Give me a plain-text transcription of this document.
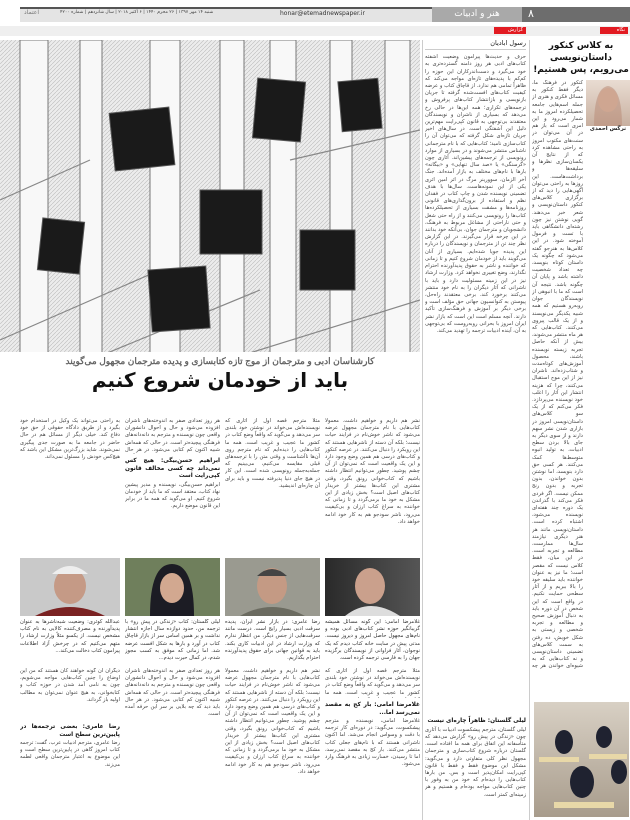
اعتماد	شنبه ۱۴ مهر ۱۳۹۷ | ۲۶ محرم ۱۴۴۰ | ۶ اکتبر ۲۰۱۸ | سال شانزدهم | شماره ۴۲۰۰	honar@etemadnewspaper.ir	هنر و ادبیات	۸
نگاه
گزارش
رسول آبادیان
حرف و حدیث‌ها پیرامون وضعیت آشفته کتاب‌های ادبی هر روز دامنه گسترده‌تری به خود می‌گیرد و دست‌اندرکاران این حوزه را کم‌کم با پدیده‌های تازه‌ای مواجه می‌کند که ظاهراً تمامی هم ندارد. از قاچاق کتاب و عرضه کیفیت کتاب‌های افست‌شده گرفته تا جریان بازنویسی و بازانتشار کتاب‌های پرفروش و ترجمه‌های تکراری؛ همه این‌ها در حالی رخ می‌دهد که بسیاری از ناشران و نویسندگان معتقدند بی‌توجهی به قانون کپی‌رایت مهم‌ترین دلیل این آشفتگی است. در سال‌های اخیر جریان تازه‌ای شکل گرفته که می‌توان آن را کتاب‌سازی نامید؛ کتاب‌هایی که با نام مترجمانی ناشناس منتشر می‌شوند و در بسیاری از موارد رونویسی از ترجمه‌های پیشین‌اند. آثاری چون «گرسنگی» یا «صد سال تنهایی» و «بیگانه» بارها با نام‌های مختلف به بازار آمده‌اند. جنگ آخر الزمان، سوورینر مرگ در اثر امین اثری یکی از این نمونه‌هاست. سال‌ها با هدف تضمینی نویسنده شدن و چاپ کتاب در فقدان نظم و استفاده از برون‌گذاری‌های قانونی روزنامه‌ها و مشقت بسیاری از تحصیلکرده‌ها کتاب‌ها را رونویسی می‌کنند و از راه حتی شغل و حتی ناراحتی از مشاغل مربوط به فرهنگ، دانشجویان و مترجمان جوان، بی‌آنکه خود بدانند در این چرخه قرار می‌گیرند. در این گزارش نظر چند تن از مترجمان و نویسندگان را درباره این پدیده جویا شده‌ایم. بسیاری از آنان می‌گویند باید از خودمان شروع کنیم و تا زمانی که خواننده و ناشر به حقوق پدیدآورنده احترام نگذارند، وضع تغییری نخواهد کرد. وزارت ارشاد نیز در این زمینه مسئولیت دارد و باید با ناشرانی که آثار دیگران را به نام خود منتشر می‌کنند برخورد کند. برخی معتقدند راه‌حل، پیوستن به کنوانسیون جهانی حق مؤلف است و برخی دیگر بر آموزش و فرهنگ‌سازی تأکید دارند. آنچه مسلم است این است که بازار نشر ایران امروز با بحرانی روبه‌روست که بی‌توجهی به آن، آینده ادبیات ترجمه را تهدید می‌کند.
لیلی گلستان: ظاهراً چاره‌ای نیست
لیلی گلستان، مترجم پیشکسوت ادبیات با آثاری چون «زندگی در پیش رو» گزارش می‌دهد که متأسفانه این اتفاق برای همه ما افتاده است. گلستان درباره شروع کتاب‌سازی و مترجمان مجهول نظر کلی متفاوتی دارد و می‌گوید: مشکل این موضوع فقط و فقط با قانون کپی‌رایت امکان‌پذیر است و بس. من بارها کتاب‌هایی را دیده‌ام که خود من به وفور با چنین کتاب‌هایی مواجه بوده‌ام و هستیم و هر زمینه‌ای کمتر است.
به کلاس کنکور داستان‌نویسی می‌رویم، پس هستیم!
نرگس احمدی
کنکور در فرهنگ ما، دیگر فقط کنکور به مسائل فکری و هنری از جمله اسم‌هایی جامعه تحصیلکرده امروز ما به شمار می‌رود و این امری است که باز هم در آن می‌توان در سنت‌های مکتوب امروز به راحتی مشاهده کرد که از نتایج آن یکسان‌سازی نظرها و سلیقه‌ها و برداشت‌هاست. این روزها به راحتی می‌توان آگهی‌هایی را دید که از برگزاری کلاس‌های کنکور داستان‌نویسی و شعر خبر می‌دهند. گویی نوشتن نیز چون رشته‌ای دانشگاهی باید با تست و فرمول آموخته شود. در این کلاس‌ها به هنرجو گفته می‌شود که چگونه یک داستان کوتاه بنویسد، چه تعداد شخصیت داشته باشد و پایان آن چگونه باشد. نتیجه آن است که ما با انبوهی از نویسندگان جوان روبه‌رو هستیم که همه شبیه یکدیگر می‌نویسند و از یک قالب پیروی می‌کنند. کتاب‌هایی که هر ماه منتشر می‌شوند، بیش از آنکه حاصل تجربه زیسته نویسنده باشند، محصول آموزش‌های کوتاه‌مدت و شتاب‌زده‌اند. ناشران نیز از این موج استقبال می‌کنند، چرا که هزینه انتشار این آثار را اغلب خود نویسنده می‌پردازد. فکر می‌کنم که از یک سو کلاس‌های داستان‌نویسی امروز در بازاری شدن نشر سهم دارند و از سوی دیگر به جای بالا بردن سطح ادبیات، به تولید انبوه متوسط‌ها کمک می‌کنند. هر کسی حق دارد بنویسد، اما نوشتن بدون خواندن، بدون تجربه و بدون رنج ممکن نیست. اگر فردی فکر می‌کند با گذراندن یک دوره چند هفته‌ای نویسنده می‌شود، اشتباه کرده است. داستان‌نویسی مانند هر هنر دیگری نیازمند سال‌ها ممارست، مطالعه و تجربه است. در این میان، فقط کلاس نیست که مقصر است؛ ما نیز به عنوان خواننده باید سلیقه خود را بالا ببریم و از آثار سطحی حمایت نکنیم. در واقع است که این شخص در آن دوره باید به دنبال آموزش صحیح و مطالعه و تجربه شخصی و زیستی به شکل خویش، ده رفتن به سمت کلاس‌های تضمینی داستان‌نویسی و نه کتاب‌هایی که به شیوه‌ای خواندن هر چه
کارشناسان ادبی و مترجمان از موج تازه کتابسازی و پدیده مترجمان مجهول می‌گویند
باید از خودمان شروع کنیم
نشر هم داریم و خواهیم داشت. معمولاً کتاب‌هایی با نام مترجمان مجهول عرضه می‌شود که ناشر خوش‌نام در فرایند حیات نیست؛ بلکه آن دسته از ناشرهایی هستند که این رویکرد را دنبال می‌کنند. در عرصه کنکور و کتاب‌های درسی هم همین وضع وجود دارد و این یک واقعیت است که نمی‌توان از آن چشم پوشید. چطور می‌توانیم انتظار داشته باشیم که کتاب‌خوانی رونق بگیرد، وقتی مشتری این کتاب‌ها بیشتر از خریدار کتاب‌های اصیل است؟ بخش زیادی از این مشکل به خود ما برمی‌گردد و تا زمانی که خواننده به سراغ کتاب ارزان و بی‌کیفیت می‌رود، ناشر سودجو هم به کار خود ادامه خواهد داد.
مثلاً مترجم قصه اول از آثاری که نویسنده‌اش می‌خواند در نوشتن خود بلندی سر می‌دهد و می‌گوید که واقعاً وضع کتاب در کشور ما عجیب و غریب است. همه ما کتاب‌هایی را دیده‌ایم که نام مترجم روی آن‌ها ناآشناست و وقتی متن را با ترجمه‌های قبلی مقایسه می‌کنیم، می‌بینیم که جمله‌به‌جمله رونویسی شده است. این کار در هیچ جای دنیا پذیرفته نیست و باید برای آن چاره‌ای اندیشید.
هر روز تعدادی صفر به اندوخته‌های ناشران افزوده می‌شود و حال و احوال دانشوران واقعی چون نویسنده و مترجم به دانه‌دانه‌های فرهنگی پیچیده‌تر است. در حالی که همه‌اش شبیه اکنون کم کتابی می‌شود. در هر حال
ابراهیم حسن‌بیگی: هیچ کس نمی‌داند چه کسی مخالف قانون کپی‌رایت است
ابراهیم حسن‌بیگی، نویسنده و مدیر پیشین نهاد کتاب، معتقد است که ما باید از خودمان شروع کنیم. او می‌گوید که همه ما در برابر این قانون موضع داریم.
به راحتی می‌تواند یک وکیل در استخدام خود بگیرد و از طریق دادگاه حقوقی از حق خود دفاع کند. خیلی دیگر از مسائل هم در حال حاضر در جامعه ما به صورت جدی پیگیری نمی‌شوند. شاید بزرگ‌ترین مشکل این باشد که هیچ‌کس خودش را مسئول نمی‌داند.
غلامرضا امامی: این گونه مسائل همیشه گریبانگیر حوزه نشر کتاب‌های ادبی بوده و نام‌های مجهول حاصل امروز و دیروز نیست. مدتی پیش در سایت خانه کتاب دیدم که یک نوجوان، آثار فراوانی از نویسندگان برگزیده جهان را به فارسی ترجمه کرده است.
رضا عامری: در بازار نشر ایران، پدیده سرقت ادبی بسیار رایج است. درست مانند سرقت‌هایی از جنس دیگر، من انتظار ندارم که وزارت ارشاد در این ادبیات کاری بکند. باید به قوانین جهانی برای حقوق پدیدآورنده احترام بگذاریم.
لیلی گلستان: کتاب «زندگی در پیش رو» با ترجمه من، حدود دوازده سال اجازه انتشار نداشت و بر همین اساس سر از بازار قاچاق کتاب در آورد و بارها به شکل افست عرضه شد. اما زمانی که موفق به کسب مجوز شدم، در کمال حیرت دیدم...
عبدالله کوثری: وضعیت شبه‌ناشرها به عنوان پدیدآورنده و مصرف‌کننده کالایی به نام کتاب مشخص نیست. از یکسو مثلاً وزارت ارشاد را متهم می‌کنیم که در چرخش آزاد اطلاعات پیرامون کتاب دخالت می‌کند...
مثلاً مترجم قصه اول از آثاری که نویسنده‌اش می‌خواند در نوشتن خود بلندی سر می‌دهد و می‌گوید که واقعاً وضع کتاب در کشور ما عجیب و غریب است. همه ما
غلامرضا امامی: بار کج به مقصد نمی‌رسد اما...
غلامرضا امامی، نویسنده و مترجم پیشکسوت، می‌گوید: در دوره‌ای کار ترجمه با دقت و وسواس انجام می‌شد. اما اکنون ناشرانی هستند که با نام‌های جعلی کتاب منتشر می‌کنند. بار کج به مقصد نمی‌رسد، اما تا رسیدن، خسارت زیادی به فرهنگ وارد می‌شود.
نشر هم داریم و خواهیم داشت. معمولاً کتاب‌هایی با نام مترجمان مجهول عرضه می‌شود که ناشر خوش‌نام در فرایند حیات نیست؛ بلکه آن دسته از ناشرهایی هستند که این رویکرد را دنبال می‌کنند. در عرصه کنکور و کتاب‌های درسی هم همین وضع وجود دارد و این یک واقعیت است که نمی‌توان از آن چشم پوشید. چطور می‌توانیم انتظار داشته باشیم که کتاب‌خوانی رونق بگیرد، وقتی مشتری این کتاب‌ها بیشتر از خریدار کتاب‌های اصیل است؟ بخش زیادی از این مشکل به خود ما برمی‌گردد و تا زمانی که خواننده به سراغ کتاب ارزان و بی‌کیفیت می‌رود، ناشر سودجو هم به کار خود ادامه خواهد داد.
هر روز تعدادی صفر به اندوخته‌های ناشران افزوده می‌شود و حال و احوال دانشوران واقعی چون نویسنده و مترجم به دانه‌دانه‌های فرهنگی پیچیده‌تر است. در حالی که همه‌اش شبیه اکنون کم کتابی می‌شود. در هر حال باید دید که چه بلایی بر سر این حرفه آمده است.
دیگران آن گونه خواهند کان هستند که من این اوضاع را چنین کتاب‌هایی مواجه می‌شویم، چون به نامی آمد شدن در حوزه کتاب و کتابخوانی، به هیچ عنوان نمی‌توان به مطالب اولیه باز گرداند.
رضا عامری: بعضی ترجمه‌ها در پایین‌ترین سطح است
رضا عامری، مترجم ادبیات عرب، گفت: ترجمه کتاب امروز گاهی در پایین‌ترین سطح است و این موضوع به اعتبار مترجمان واقعی لطمه می‌زند.
